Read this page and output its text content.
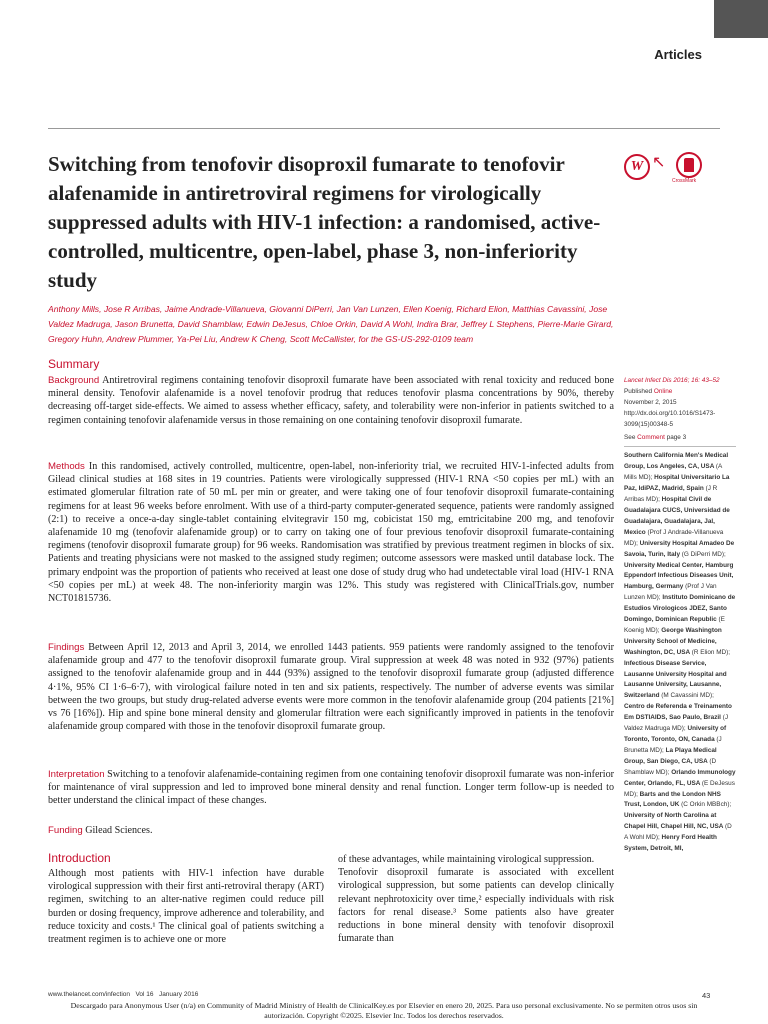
Articles
Switching from tenofovir disoproxil fumarate to tenofovir alafenamide in antiretroviral regimens for virologically suppressed adults with HIV-1 infection: a randomised, active-controlled, multicentre, open-label, phase 3, non-inferiority study
W ↖
CrossMark

Anthony Mills, Jose R Arribas, Jaime Andrade-Villanueva, Giovanni DiPerri, Jan Van Lunzen, Ellen Koenig, Richard Elion, Matthias Cavassini, Jose Valdez Madruga, Jason Brunetta, David Shamblaw, Edwin DeJesus, Chloe Orkin, David A Wohl, Indira Brar, Jeffrey L Stephens, Pierre-Marie Girard, Gregory Huhn, Andrew Plummer, Ya-Pei Liu, Andrew K Cheng, Scott McCallister, for the GS-US-292-0109 team

Summary

Background Antiretroviral regimens containing tenofovir disoproxil fumarate have been associated with renal toxicity and reduced bone mineral density. Tenofovir alafenamide is a novel tenofovir prodrug that reduces tenofovir plasma concentrations by 90%, thereby decreasing off-target side-effects. We aimed to assess whether efficacy, safety, and tolerability were non-inferior in patients switched to a regimen containing tenofovir alafenamide versus in those remaining on one containing tenofovir disoproxil fumarate.

Methods In this randomised, actively controlled, multicentre, open-label, non-inferiority trial, we recruited HIV-1-infected adults from Gilead clinical studies at 168 sites in 19 countries. Patients were virologically suppressed (HIV-1 RNA <50 copies per mL) with an estimated glomerular filtration rate of 50 mL per min or greater, and were taking one of four tenofovir disoproxil fumarate-containing regimens for at least 96 weeks before enrolment. With use of a third-party computer-generated sequence, patients were randomly assigned (2:1) to receive a once-a-day single-tablet containing elvitegravir 150 mg, cobicistat 150 mg, emtricitabine 200 mg, and tenofovir alafenamide 10 mg (tenofovir alafenamide group) or to carry on taking one of four previous tenofovir disoproxil fumarate-containing regimens (tenofovir disoproxil fumarate group) for 96 weeks. Randomisation was stratified by previous treatment regimen in blocks of six. Patients and treating physicians were not masked to the assigned study regimen; outcome assessors were masked until database lock. The primary endpoint was the proportion of patients who received at least one dose of study drug who had undetectable viral load (HIV-1 RNA <50 copies per mL) at week 48. The non-inferiority margin was 12%. This study was registered with ClinicalTrials.gov, number NCT01815736.

Findings Between April 12, 2013 and April 3, 2014, we enrolled 1443 patients. 959 patients were randomly assigned to the tenofovir alafenamide group and 477 to the tenofovir disoproxil fumarate group. Viral suppression at week 48 was noted in 932 (97%) patients assigned to the tenofovir alafenamide group and in 444 (93%) assigned to the tenofovir disoproxil fumarate group (adjusted difference 4·1%, 95% CI 1·6–6·7), with virological failure noted in ten and six patients, respectively. The number of adverse events was similar between the two groups, but study drug-related adverse events were more common in the tenofovir alafenamide group (204 patients [21%] vs 76 [16%]). Hip and spine bone mineral density and glomerular filtration were each significantly improved in patients in the tenofovir alafenamide group compared with those in the tenofovir disoproxil fumarate group.

Interpretation Switching to a tenofovir alafenamide-containing regimen from one containing tenofovir disoproxil fumarate was non-inferior for maintenance of viral suppression and led to improved bone mineral density and renal function. Longer term follow-up is needed to better understand the clinical impact of these changes.

Funding Gilead Sciences.

Introduction

Although most patients with HIV-1 infection have durable virological suppression with their first anti-retroviral therapy (ART) regimen, switching to an alter-native regimen could reduce pill burden or dosing frequency, improve adherence and tolerability, and reduce toxicity and costs.¹ The clinical goal of patients switching a treatment regimen is to achieve one or more

of these advantages, while maintaining virological suppression.
Tenofovir disoproxil fumarate is associated with excellent virological suppression, but some patients can develop clinically relevant nephrotoxicity over time,² especially individuals with risk factors for renal disease.³ Some patients also have greater reductions in bone mineral density with tenofovir disoproxil fumarate than

Lancet Infect Dis 2016; 16: 43–52

Published Online

November 2, 2015

http://dx.doi.org/10.1016/S1473-3099(15)00348-5

See Comment page 3

Southern California Men's Medical Group, Los Angeles, CA, USA (A Mills MD); Hospital Universitario La Paz, IdiPAZ, Madrid, Spain (J R Arribas MD); Hospital Civil de Guadalajara CUCS, Universidad de Guadalajara, Guadalajara, Jal, Mexico (Prof J Andrade-Villanueva MD); University Hospital Amadeo De Savoia, Turin, Italy (G DiPerri MD); University Medical Center, Hamburg Eppendorf Infectious Diseases Unit, Hamburg, Germany (Prof J Van Lunzen MD); Instituto Dominicano de Estudios Virologicos JDEZ, Santo Domingo, Dominican Republic (E Koenig MD); George Washington University School of Medicine, Washington, DC, USA (R Elion MD); Infectious Disease Service, Lausanne University Hospital and Lausanne University, Lausanne, Switzerland (M Cavassini MD); Centro de Referenda e Treinamento Em DSTIAIDS, Sao Paulo, Brazil (J Valdez Madruga MD); University of Toronto, Toronto, ON, Canada (J Brunetta MD); La Playa Medical Group, San Diego, CA, USA (D Shamblaw MD); Orlando Immunology Center, Orlando, FL, USA (E DeJesus MD); Barts and the London NHS Trust, London, UK (C Orkin MBBch); University of North Carolina at Chapel Hill, Chapel Hill, NC, USA (D A Wohl MD); Henry Ford Health System, Detroit, MI,
www.thelancet.com/infection Vol 16 January 2016	43
Descargado para Anonymous User (n/a) en Community of Madrid Ministry of Health de ClinicalKey.es por Elsevier en enero 20, 2025. Para uso personal exclusivamente. No se permiten otros usos sin autorización. Copyright ©2025. Elsevier Inc. Todos los derechos reservados.
